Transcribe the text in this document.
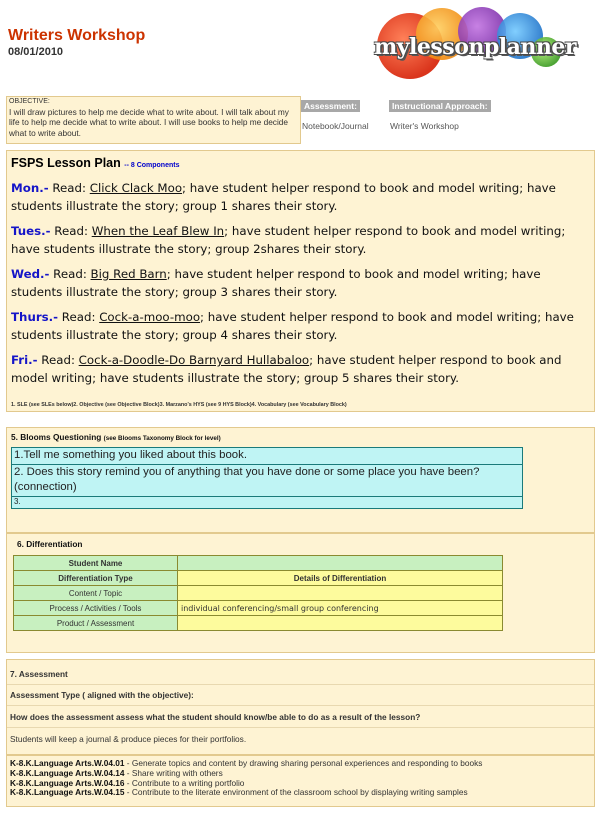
Writers Workshop
08/01/2010	mylessonplanner
OBJECTIVE:
I will draw pictures to help me decide what to write about. I will talk about my life to help me decide what to write about. I will use books to help me decide what to write about.
Assessment:
Notebook/Journal
Instructional Approach:
Writer's Workshop
FSPS Lesson Plan -- 8 Components
Mon.- Read: Click Clack Moo; have student helper respond to book and model writing; have students illustrate the story; group 1 shares their story.
Tues.- Read: When the Leaf Blew In; have student helper respond to book and model writing; have students illustrate the story; group 2shares their story.
Wed.- Read: Big Red Barn; have student helper respond to book and model writing; have students illustrate the story; group 3 shares their story.
Thurs.- Read: Cock-a-moo-moo; have student helper respond to book and model writing; have students illustrate the story; group 4 shares their story.
Fri.- Read: Cock-a-Doodle-Do Barnyard Hullabaloo; have student helper respond to book and model writing; have students illustrate the story; group 5 shares their story.
1. SLE (see SLEs below)2. Objective (see Objective Block)3. Marzano's HYS (see 9 HYS Block)4. Vocabulary (see Vocabulary Block)
5. Blooms Questioning (see Blooms Taxonomy Block for level)
1.Tell me something you liked about this book.
2. Does this story remind you of anything that you have done or some place you have been?(connection)
3.
6. Differentiation
Student Name	
Differentiation Type	Details of Differentiation
Content / Topic	
Process / Activities / Tools	individual conferencing/small group conferencing
Product / Assessment	
7. Assessment
Assessment Type ( aligned with the objective):
How does the assessment assess what the student should know/be able to do as a result of the lesson?
Students will keep a journal & produce pieces for their portfolios.
K-8.K.Language Arts.W.04.01 - Generate topics and content by drawing sharing personal experiences and responding to books
K-8.K.Language Arts.W.04.14 - Share writing with others
K-8.K.Language Arts.W.04.16 - Contribute to a writing portfolio
K-8.K.Language Arts.W.04.15 - Contribute to the literate environment of the classroom school by displaying writing samples
